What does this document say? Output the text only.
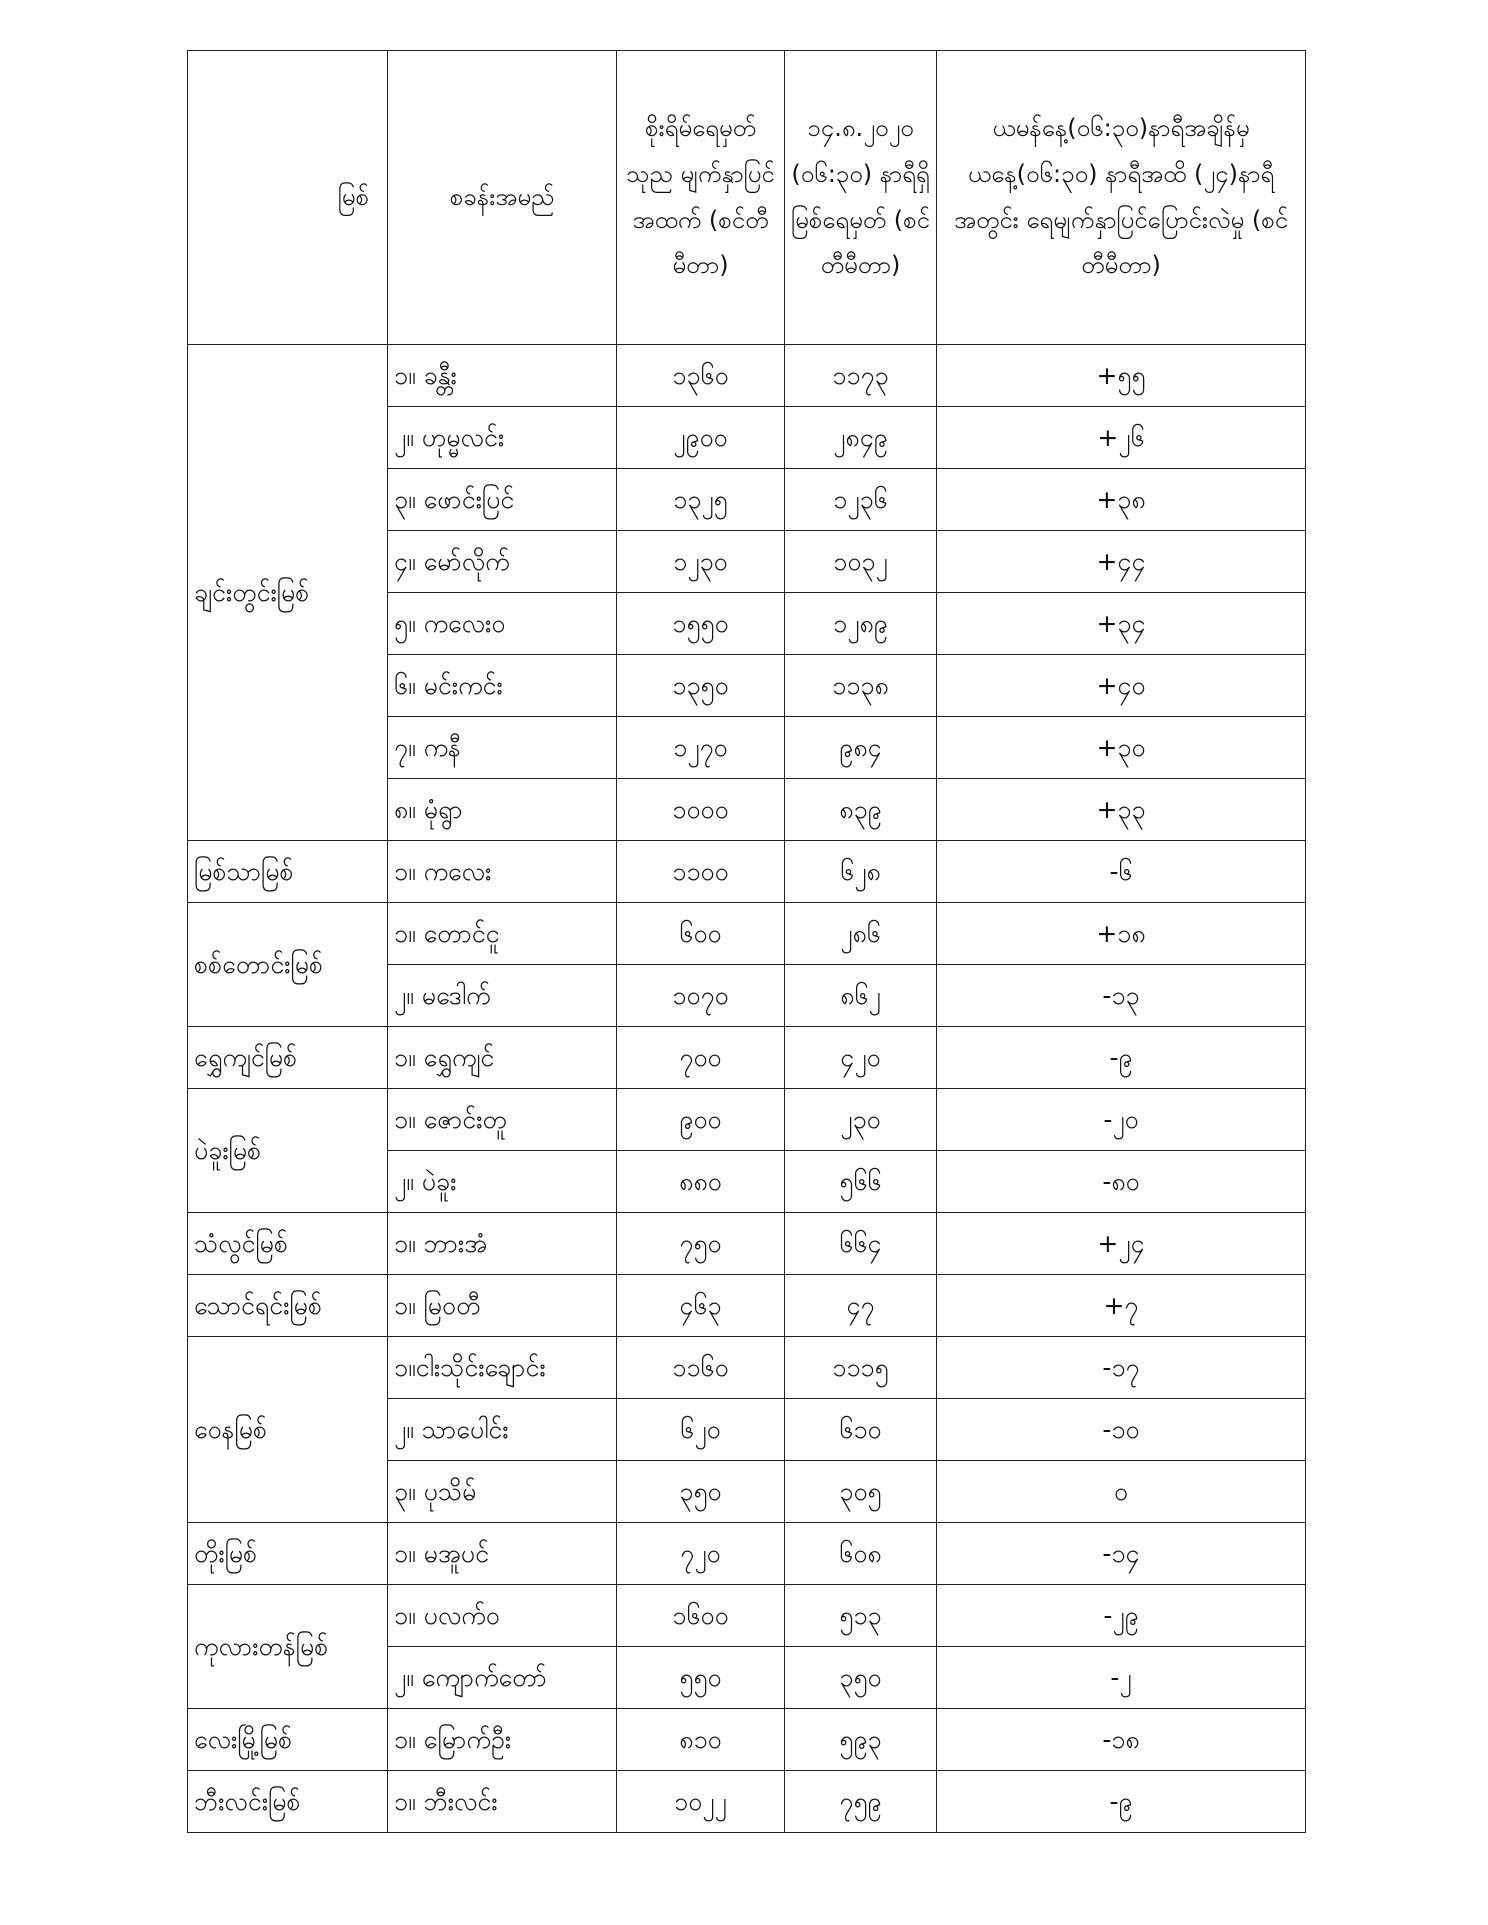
မြစ်	စခန်းအမည်	စိုးရိမ်ရေမှတ် သုည မျက်နှာပြင် အထက် (စင်တီမီတာ)	၁၄.၈.၂၀၂၀ (၀၆:၃၀) နာရီရှိ မြစ်ရေမှတ် (စင်တီမီတာ)	ယမန်နေ့(၀၆:၃၀)နာရီအချိန်မှ ယနေ့(၀၆:၃၀) နာရီအထိ (၂၄)နာရီအတွင်း ရေမျက်နှာပြင်ပြောင်းလဲမှု (စင်တီမီတာ)
ချင်းတွင်းမြစ်	၁။ ခန္တီး	၁၃၆၀	၁၁၇၃	+၅၅
	၂။ ဟုမ္မလင်း	၂၉၀၀	၂၈၄၉	+၂၆
	၃။ ဖောင်းပြင်	၁၃၂၅	၁၂၃၆	+၃၈
	၄။ မော်လိုက်	၁၂၃၀	၁၀၃၂	+၄၄
	၅။ ကလေးဝ	၁၅၅၀	၁၂၈၉	+၃၄
	၆။ မင်းကင်း	၁၃၅၀	၁၁၃၈	+၄၀
	၇။ ကနီ	၁၂၇၀	၉၈၄	+၃၀
	၈။ မုံရွာ	၁၀၀၀	၈၃၉	+၃၃
မြစ်သာမြစ်	၁။ ကလေး	၁၁၀၀	၆၂၈	-၆
စစ်တောင်းမြစ်	၁။ တောင်ငူ	၆၀၀	၂၈၆	+၁၈
	၂။ မဒေါက်	၁၀၇၀	၈၆၂	-၁၃
ရွှေကျင်မြစ်	၁။ ရွှေကျင်	၇၀၀	၄၂၀	-၉
ပဲခူးမြစ်	၁။ ဇောင်းတူ	၉၀၀	၂၃၀	-၂၀
	၂။ ပဲခူး	၈၈၀	၅၆၆	-၈၀
သံလွင်မြစ်	၁။ ဘားအံ	၇၅၀	၆၆၄	+၂၄
သောင်ရင်းမြစ်	၁။ မြဝတီ	၄၆၃	၄၇	+၇
ဝေနမြစ်	၁။ငါးသိုင်းချောင်း	၁၁၆၀	၁၁၁၅	-၁၇
	၂။ သာပေါင်း	၆၂၀	၆၁၀	-၁၀
	၃။ ပုသိမ်	၃၅၀	၃၀၅	၀
တိုးမြစ်	၁။ မအူပင်	၇၂၀	၆၀၈	-၁၄
ကုလားတန်မြစ်	၁။ ပလက်ဝ	၁၆၀၀	၅၁၃	-၂၉
	၂။ ကျောက်တော်	၅၅၀	၃၅၀	-၂
လေးမြို့မြစ်	၁။ မြောက်ဦး	၈၁၀	၅၉၃	-၁၈
ဘီးလင်းမြစ်	၁။ ဘီးလင်း	၁၀၂၂	၇၅၉	-၉
